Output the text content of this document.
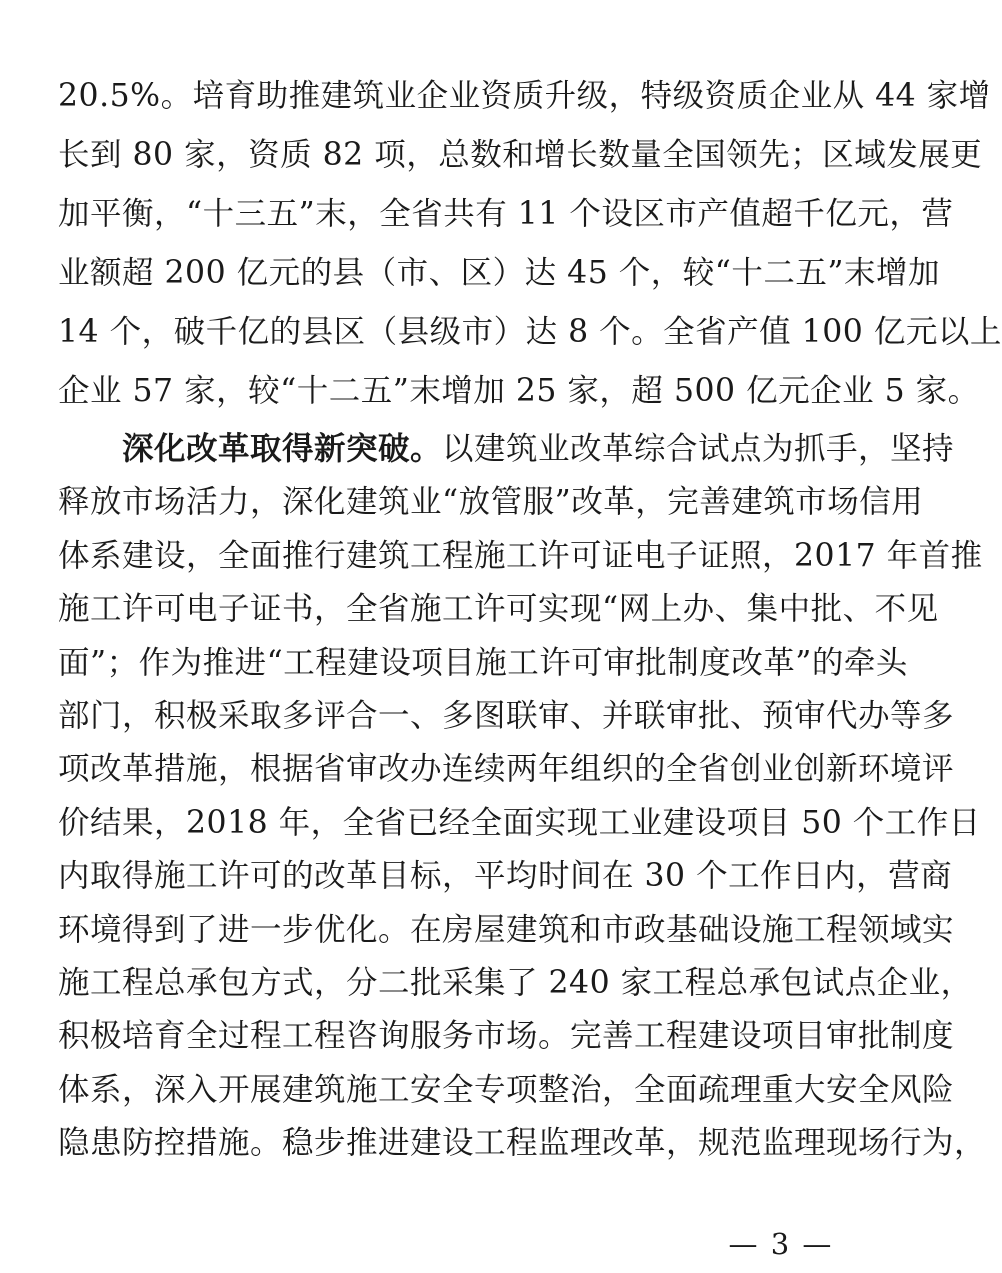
20.5%。培育助推建筑业企业资质升级，特级资质企业从 44 家增
长到 80 家，资质 82 项，总数和增长数量全国领先；区域发展更
加平衡，“十三五”末，全省共有 11 个设区市产值超千亿元，营
业额超 200 亿元的县（市、区）达 45 个，较“十二五”末增加
14 个，破千亿的县区（县级市）达 8 个。全省产值 100 亿元以上
企业 57 家，较“十二五”末增加 25 家，超 500 亿元企业 5 家。
深化改革取得新突破。以建筑业改革综合试点为抓手，坚持
释放市场活力，深化建筑业“放管服”改革，完善建筑市场信用
体系建设，全面推行建筑工程施工许可证电子证照，2017 年首推
施工许可电子证书，全省施工许可实现“网上办、集中批、不见
面”；作为推进“工程建设项目施工许可审批制度改革”的牵头
部门，积极采取多评合一、多图联审、并联审批、预审代办等多
项改革措施，根据省审改办连续两年组织的全省创业创新环境评
价结果，2018 年，全省已经全面实现工业建设项目 50 个工作日
内取得施工许可的改革目标，平均时间在 30 个工作日内，营商
环境得到了进一步优化。在房屋建筑和市政基础设施工程领域实
施工程总承包方式，分二批采集了 240 家工程总承包试点企业，
积极培育全过程工程咨询服务市场。完善工程建设项目审批制度
体系，深入开展建筑施工安全专项整治，全面疏理重大安全风险
隐患防控措施。稳步推进建设工程监理改革，规范监理现场行为，
— 3 —
